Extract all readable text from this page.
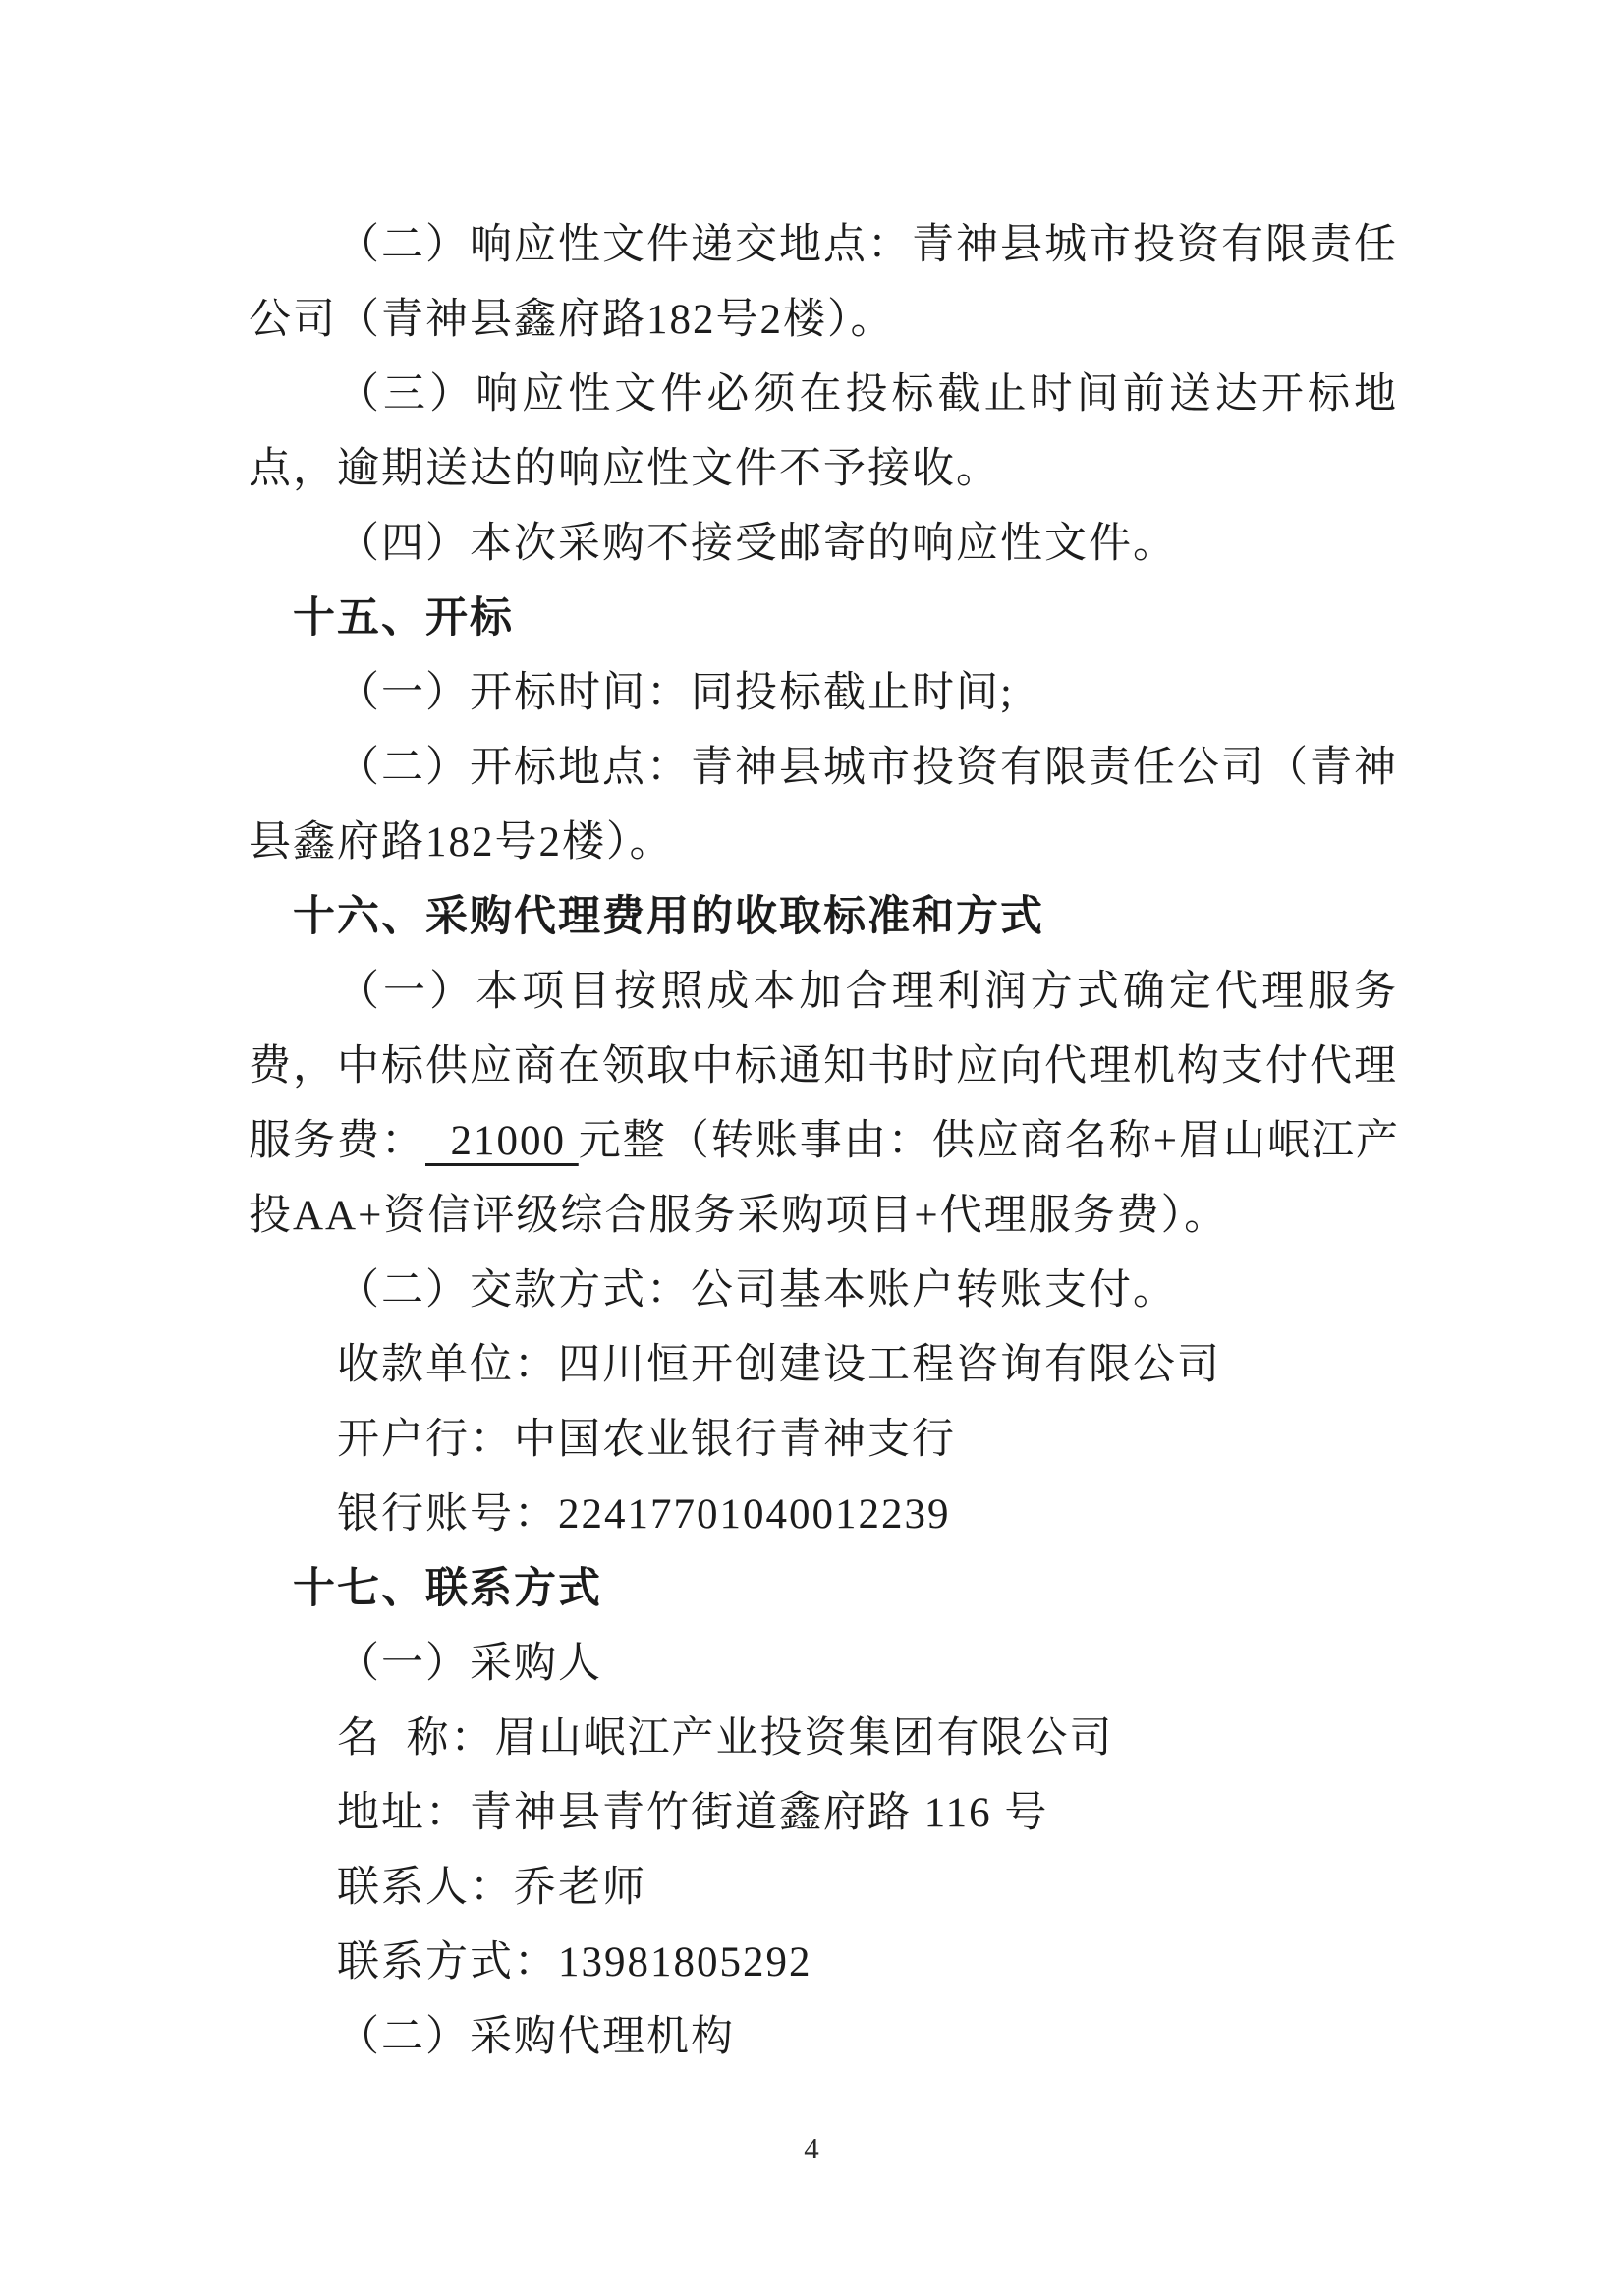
（二）响应性文件递交地点：青神县城市投资有限责任
公司（青神县鑫府路182号2楼）。
（三）响应性文件必须在投标截止时间前送达开标地
点，逾期送达的响应性文件不予接收。
（四）本次采购不接受邮寄的响应性文件。
十五、开标
（一）开标时间：同投标截止时间;
（二）开标地点：青神县城市投资有限责任公司（青神
县鑫府路182号2楼）。
十六、采购代理费用的收取标准和方式
（一）本项目按照成本加合理利润方式确定代理服务
费，中标供应商在领取中标通知书时应向代理机构支付代理
服务费：  21000 元整（转账事由：供应商名称+眉山岷江产
投AA+资信评级综合服务采购项目+代理服务费）。
（二）交款方式：公司基本账户转账支付。
收款单位：四川恒开创建设工程咨询有限公司
开户行：中国农业银行青神支行
银行账号：22417701040012239
十七、联系方式
（一）采购人
名  称：眉山岷江产业投资集团有限公司
地址：青神县青竹街道鑫府路 116 号
联系人：乔老师
联系方式：13981805292
（二）采购代理机构
4
